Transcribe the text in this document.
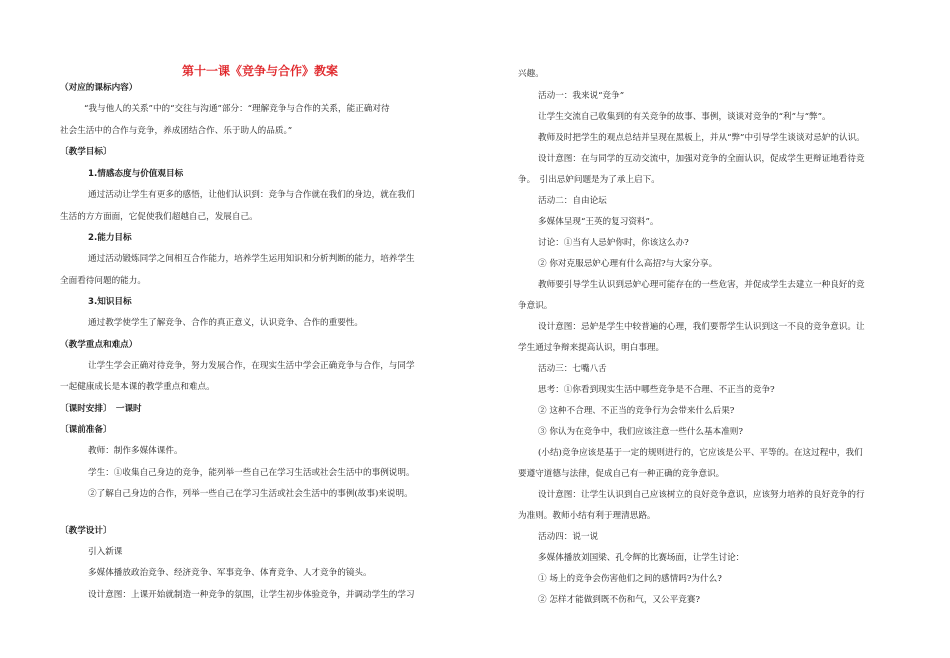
第十一课《竞争与合作》教案
（对应的课标内容）
“我与他人的关系”中的“交往与沟通”部分：“理解竞争与合作的关系，能正确对待
社会生活中的合作与竞争，养成团结合作、乐于助人的品质。”
〔教学目标〕
1.情感态度与价值观目标
通过活动让学生有更多的感悟，让他们认识到：竞争与合作就在我们的身边，就在我们
生活的方方面面，它促使我们超越自己，发展自己。
2.能力目标
通过活动锻炼同学之间相互合作能力，培养学生运用知识和分析判断的能力，培养学生
全面看待问题的能力。
3.知识目标
通过教学使学生了解竞争、合作的真正意义，认识竞争、合作的重要性。
（教学重点和难点）
让学生学会正确对待竞争，努力发展合作，在现实生活中学会正确竞争与合作，与同学
一起健康成长是本课的教学重点和难点。
〔课时安排〕　一课时
〔课前准备〕
教师：制作多媒体课件。
学生：①收集自己身边的竞争，能列举一些自己在学习生活或社会生活中的事例说明。
②了解自己身边的合作，列举一些自己在学习生活或社会生活中的事例(故事)来说明。
〔教学设计〕
引入新课
多媒体播放政治竞争、经济竞争、军事竞争、体育竞争、人才竞争的镜头。
设计意图：上课开始就制造一种竞争的氛围，让学生初步体验竞争，并调动学生的学习
兴趣。
活动一：我来说“竞争”
让学生交流自己收集到的有关竞争的故事、事例，谈谈对竞争的“利”与“弊”。
教师及时把学生的观点总结并呈现在黑板上，并从“弊”中引导学生谈谈对忌妒的认识。
设计意图：在与同学的互动交流中，加强对竞争的全面认识，促成学生更辩证地看待竞
争。　引出忌妒问题是为了承上启下。
活动二：自由论坛
多媒体呈现“王英的复习资料”。
讨论：①当有人忌妒你时，你该这么办?
② 你对克服忌妒心理有什么高招?与大家分享。
教师要引导学生认识到忌妒心理可能存在的一些危害，并促成学生去建立一种良好的竞
争意识。
设计意图：忌妒是学生中较普遍的心理，我们要帮学生认识到这一不良的竞争意识。让
学生通过争辩来提高认识，明白事理。
活动三：七嘴八舌
思考：①你看到现实生活中哪些竞争是不合理、不正当的竞争?
② 这种不合理、不正当的竞争行为会带来什么后果?
③ 你认为在竞争中，我们应该注意一些什么基本准则?
(小结)竞争应该是基于一定的规则进行的，它应该是公平、平等的。在这过程中，我们
要遵守道德与法律，促成自己有一种正确的竞争意识。
设计意图：让学生认识到自己应该树立的良好竞争意识，应该努力培养的良好竞争的行
为准则。教师小结有利于理清思路。
活动四：说一说
多媒体播放刘国梁、孔令辉的比赛场面，让学生讨论：
① 场上的竞争会伤害他们之间的感情吗?为什么?
② 怎样才能做到既不伤和气，又公平竞赛?
